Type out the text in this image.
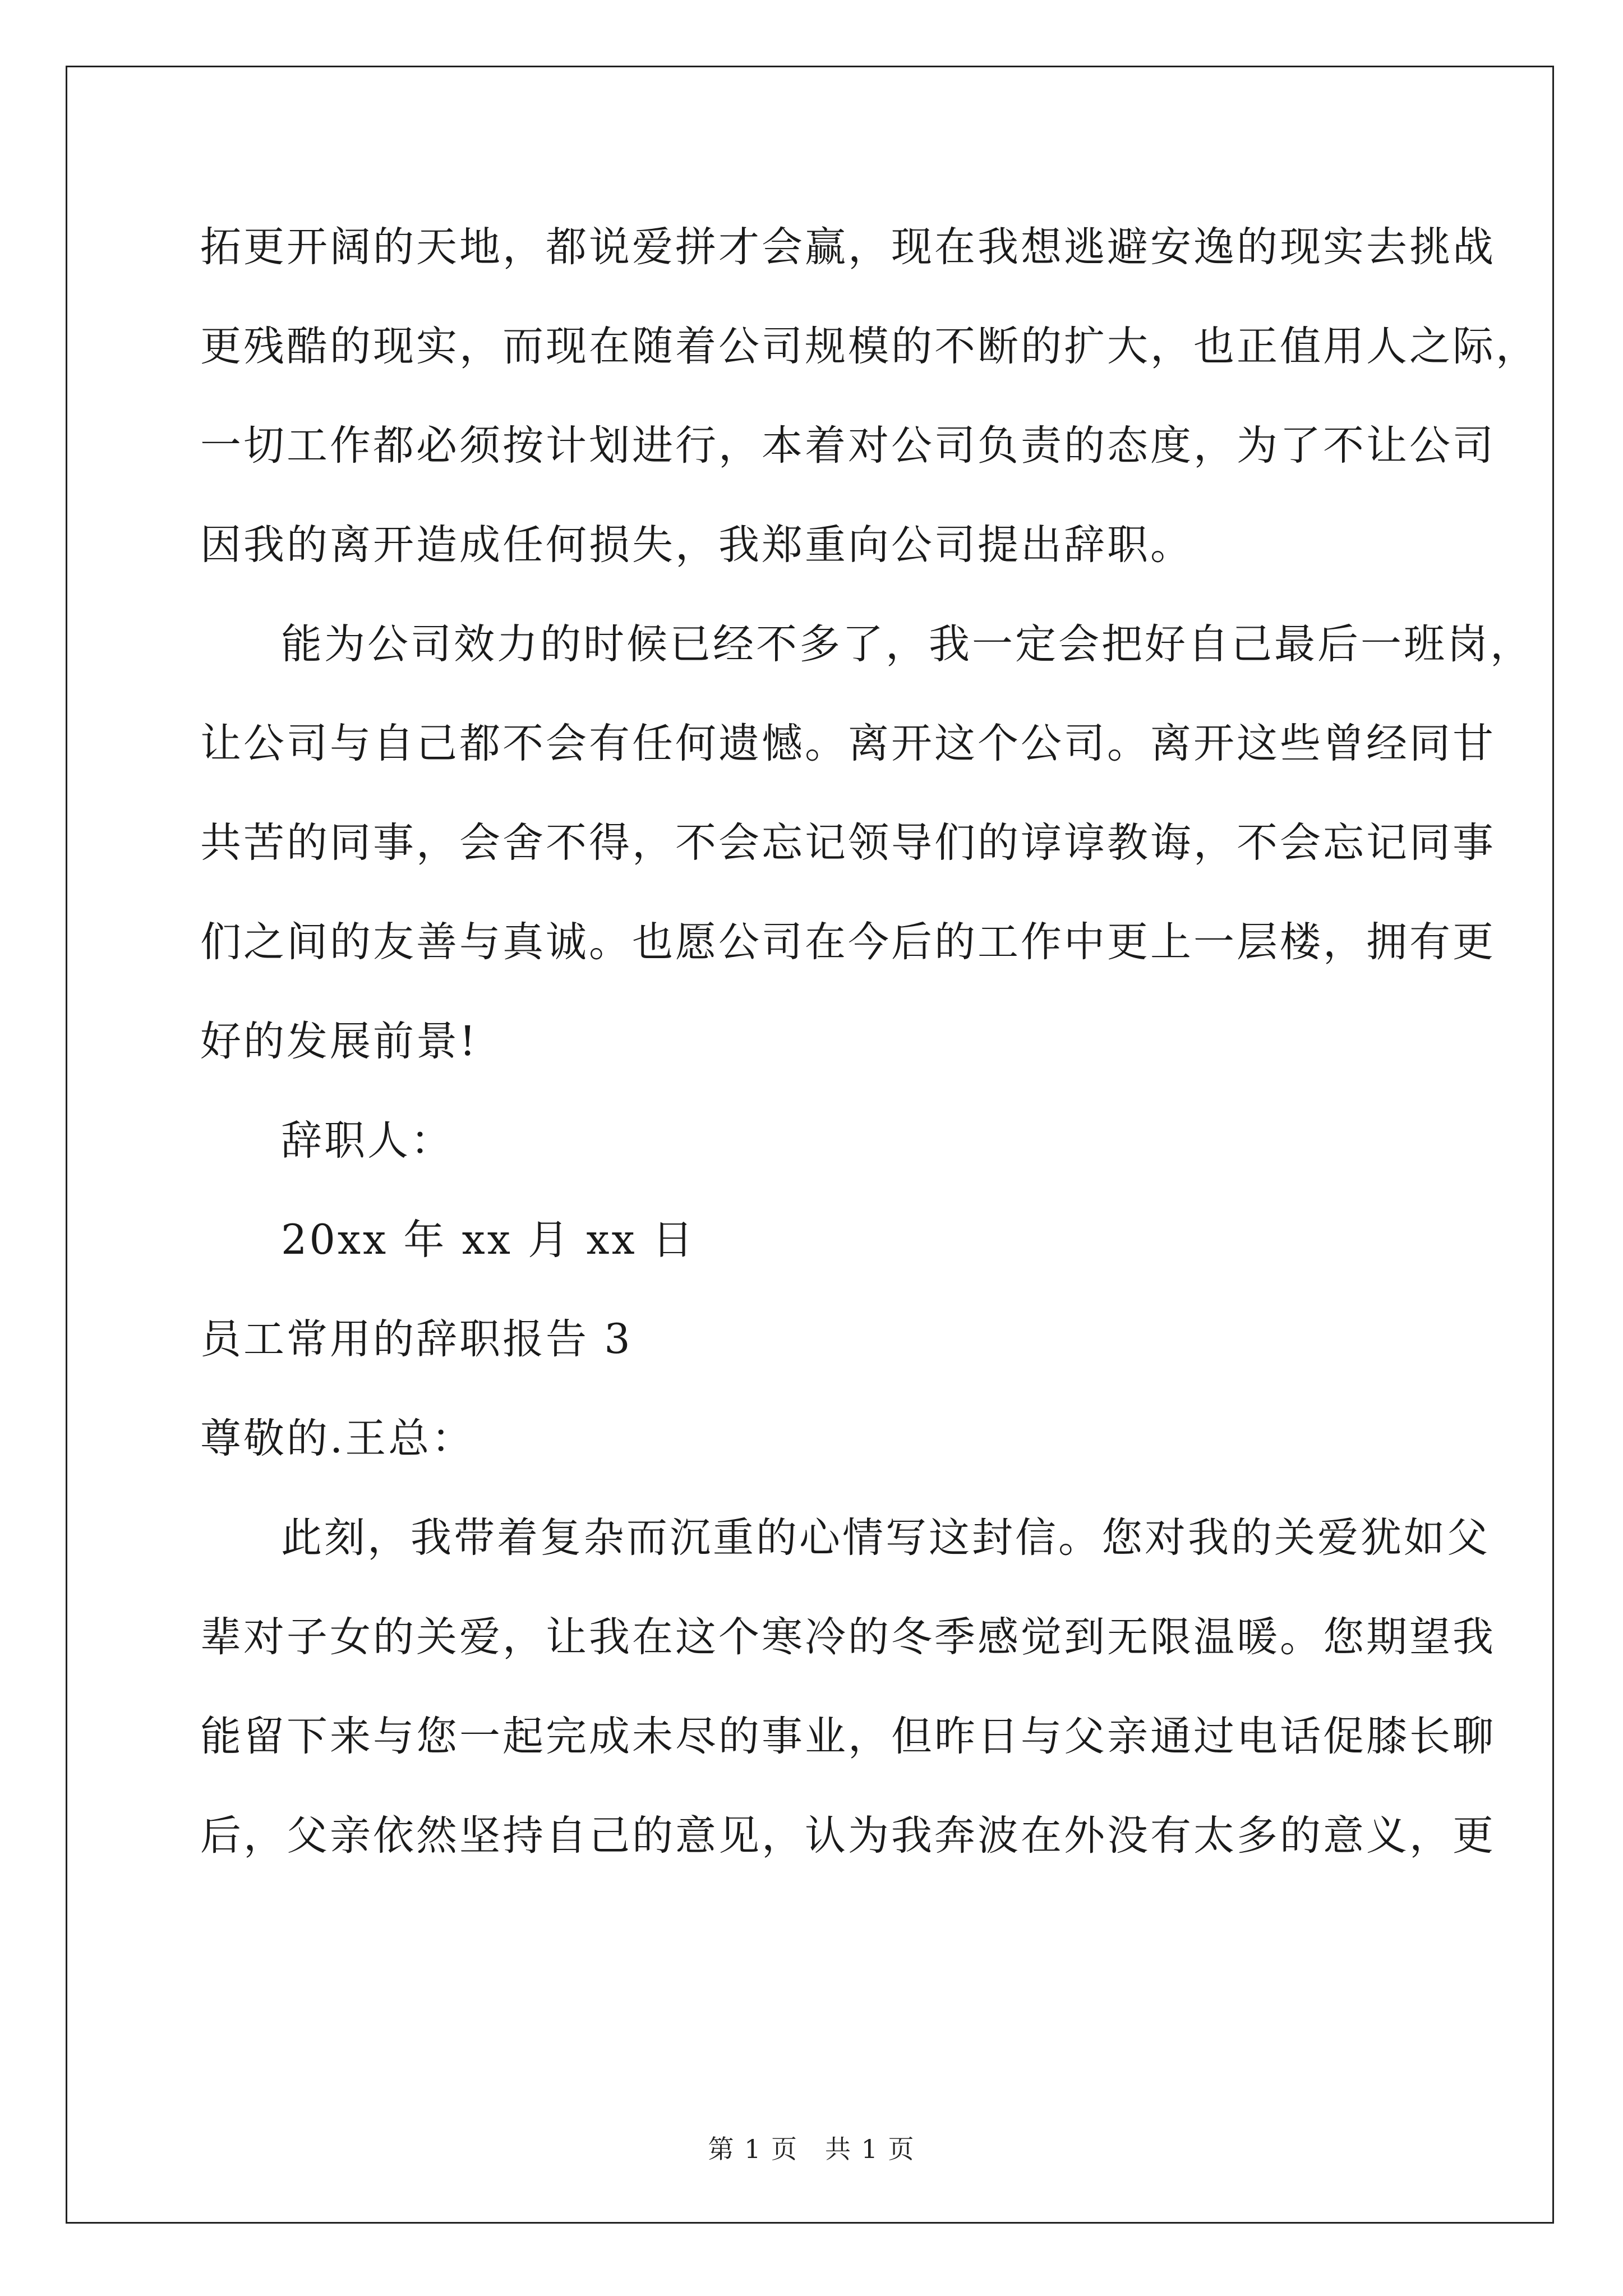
拓更开阔的天地，都说爱拼才会赢，现在我想逃避安逸的现实去挑战
更残酷的现实，而现在随着公司规模的不断的扩大，也正值用人之际，
一切工作都必须按计划进行，本着对公司负责的态度，为了不让公司
因我的离开造成任何损失，我郑重向公司提出辞职。
能为公司效力的时候已经不多了，我一定会把好自己最后一班岗，
让公司与自己都不会有任何遗憾。离开这个公司。离开这些曾经同甘
共苦的同事，会舍不得，不会忘记领导们的谆谆教诲，不会忘记同事
们之间的友善与真诚。也愿公司在今后的工作中更上一层楼，拥有更
好的发展前景!
辞职人：
20xx 年 xx 月 xx 日
员工常用的辞职报告 3
尊敬的.王总：
此刻，我带着复杂而沉重的心情写这封信。您对我的关爱犹如父
辈对子女的关爱，让我在这个寒冷的冬季感觉到无限温暖。您期望我
能留下来与您一起完成未尽的事业，但昨日与父亲通过电话促膝长聊
后，父亲依然坚持自己的意见，认为我奔波在外没有太多的意义，更
第 1 页　共 1 页
